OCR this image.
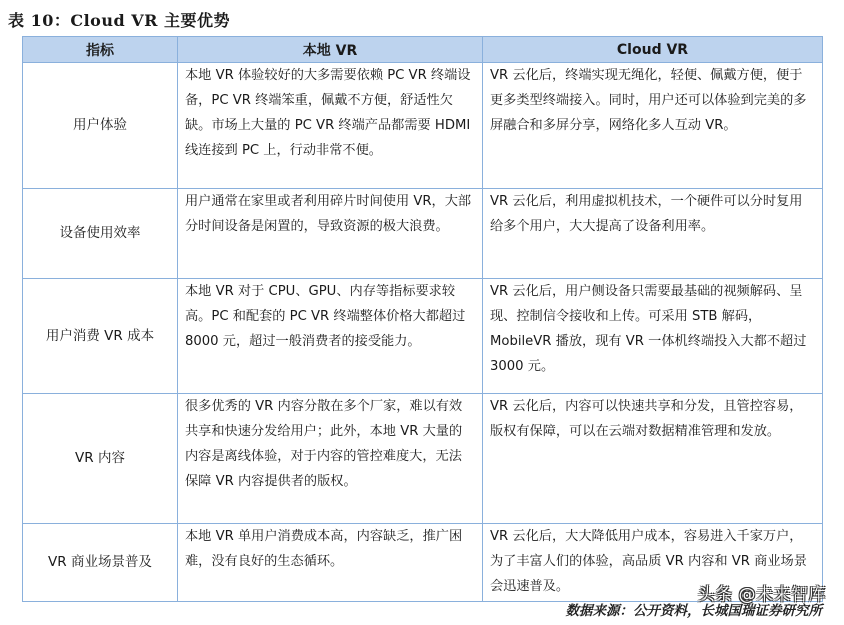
表 10：Cloud VR 主要优势
指标	本地 VR	Cloud VR
用户体验	本地 VR 体验较好的大多需要依赖 PC VR 终端设备，PC VR 终端笨重，佩戴不方便，舒适性欠缺。市场上大量的 PC VR 终端产品都需要 HDMI 线连接到 PC 上，行动非常不便。	VR 云化后，终端实现无绳化，轻便、佩戴方便，便于更多类型终端接入。同时，用户还可以体验到完美的多屏融合和多屏分享，网络化多人互动 VR。
设备使用效率	用户通常在家里或者利用碎片时间使用 VR，大部分时间设备是闲置的，导致资源的极大浪费。	VR 云化后，利用虚拟机技术，一个硬件可以分时复用给多个用户，大大提高了设备利用率。
用户消费 VR 成本	本地 VR 对于 CPU、GPU、内存等指标要求较高。PC 和配套的 PC VR 终端整体价格大都超过 8000 元，超过一般消费者的接受能力。	VR 云化后，用户侧设备只需要最基础的视频解码、呈现、控制信令接收和上传。可采用 STB 解码，MobileVR 播放，现有 VR 一体机终端投入大都不超过 3000 元。
VR 内容	很多优秀的 VR 内容分散在多个厂家，难以有效共享和快速分发给用户；此外，本地 VR 大量的内容是离线体验，对于内容的管控难度大，无法保障 VR 内容提供者的版权。	VR 云化后，内容可以快速共享和分发，且管控容易，版权有保障，可以在云端对数据精准管理和发放。
VR 商业场景普及	本地 VR 单用户消费成本高，内容缺乏，推广困难，没有良好的生态循环。	VR 云化后，大大降低用户成本，容易进入千家万户，为了丰富人们的体验，高品质 VR 内容和 VR 商业场景会迅速普及。
数据来源：公开资料，长城国瑞证券研究所
头条 @未来智库
